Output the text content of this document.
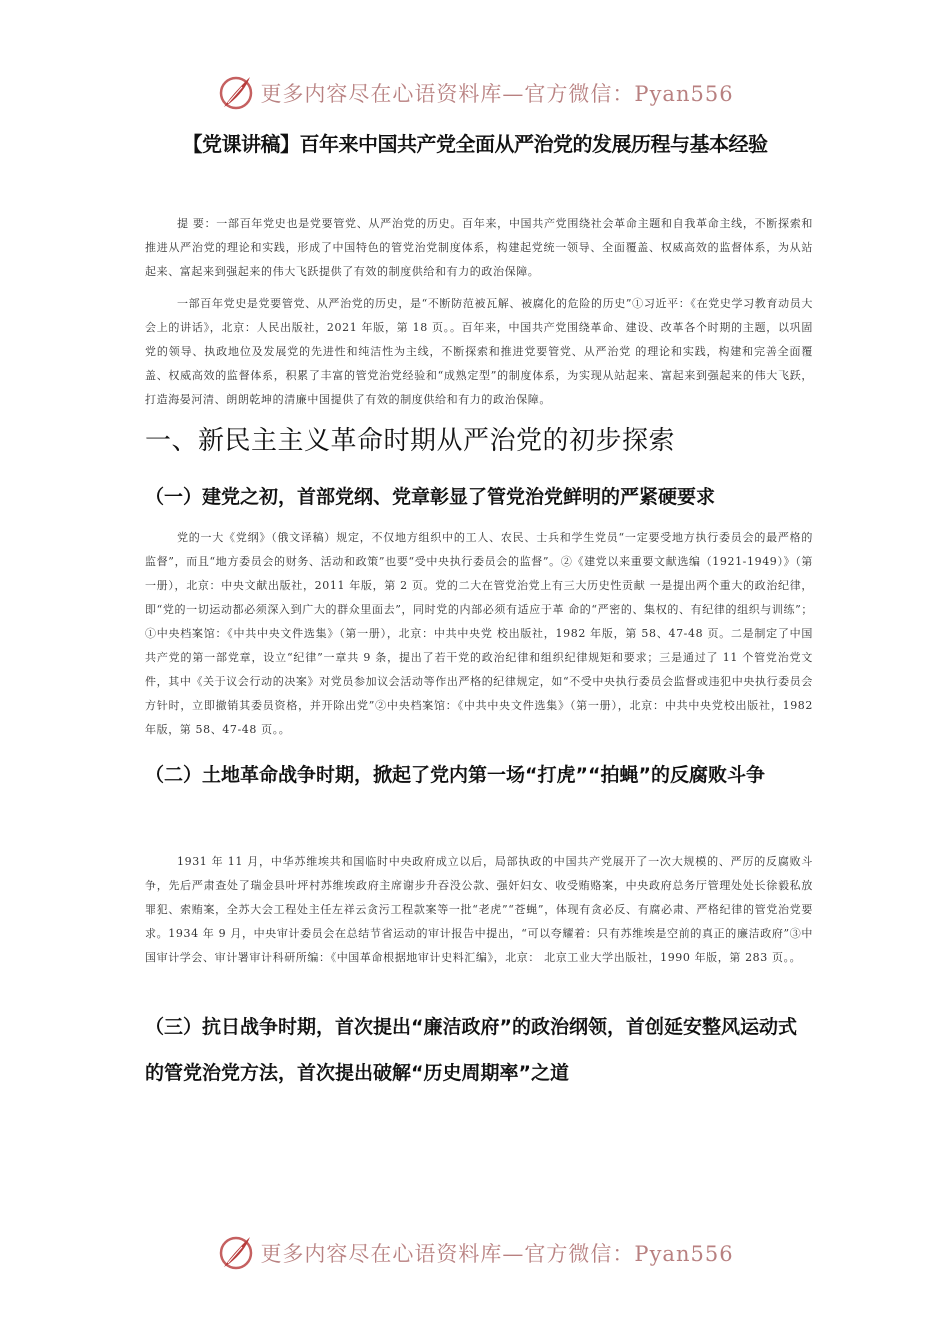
更多内容尽在心语资料库—官方微信：Pyan556
【党课讲稿】百年来中国共产党全面从严治党的发展历程与基本经验

提 要：一部百年党史也是党要管党、从严治党的历史。百年来，中国共产党围绕社会革命主题和自我革命主线，不断探索和推进从严治党的理论和实践，形成了中国特色的管党治党制度体系，构建起党统一领导、全面覆盖、权威高效的监督体系，为从站起来、富起来到强起来的伟大飞跃提供了有效的制度供给和有力的政治保障。

一部百年党史是党要管党、从严治党的历史，是“不断防范被瓦解、被腐化的危险的历史”①习近平：《在党史学习教育动员大会上的讲话》，北京：人民出版社，2021 年版，第 18 页。。百年来，中国共产党围绕革命、建设、改革各个时期的主题，以巩固党的领导、执政地位及发展党的先进性和纯洁性为主线，不断探索和推进党要管党、从严治党 的理论和实践，构建和完善全面覆盖、权威高效的监督体系，积累了丰富的管党治党经验和“成熟定型”的制度体系，为实现从站起来、富起来到强起来的伟大飞跃，打造海晏河清、朗朗乾坤的清廉中国提供了有效的制度供给和有力的政治保障。

一、新民主主义革命时期从严治党的初步探索
（一）建党之初，首部党纲、党章彰显了管党治党鲜明的严紧硬要求

党的一大《党纲》（俄文译稿）规定，不仅地方组织中的工人、农民、士兵和学生党员“一定要受地方执行委员会的最严格的监督”，而且“地方委员会的财务、活动和政策”也要“受中央执行委员会的监督”。②《建党以来重要文献选编（1921-1949）》（第一册），北京：中央文献出版社，2011 年版，第 2 页。党的二大在管党治党上有三大历史性贡献 一是提出两个重大的政治纪律，即“党的一切运动都必须深入到广大的群众里面去”，同时党的内部必须有适应于革 命的“严密的、集权的、有纪律的组织与训练”；①中央档案馆：《中共中央文件选集》（第一册），北京：中共中央党 校出版社，1982 年版，第 58、47-48 页。二是制定了中国共产党的第一部党章，设立“纪律”一章共 9 条，提出了若干党的政治纪律和组织纪律规矩和要求；三是通过了 11 个管党治党文件，其中《关于议会行动的决案》对党员参加议会活动等作出严格的纪律规定，如“不受中央执行委员会监督或违犯中央执行委员会方针时，立即撤销其委员资格，并开除出党”②中央档案馆：《中共中央文件选集》（第一册），北京：中共中央党校出版社，1982 年版，第 58、47-48 页。。

（二）土地革命战争时期，掀起了党内第一场“打虎”“拍蝇”的反腐败斗争

1931 年 11 月，中华苏维埃共和国临时中央政府成立以后，局部执政的中国共产党展开了一次大规模的、严厉的反腐败斗争，先后严肃查处了瑞金县叶坪村苏维埃政府主席谢步升吞没公款、强奸妇女、收受贿赂案，中央政府总务厅管理处处长徐毅私放罪犯、索贿案，全苏大会工程处主任左祥云贪污工程款案等一批“老虎”“苍蝇”，体现有贪必反、有腐必肃、严格纪律的管党治党要求。1934 年 9 月，中央审计委员会在总结节省运动的审计报告中提出，“可以夸耀着：只有苏维埃是空前的真正的廉洁政府”③中国审计学会、审计署审计科研所编：《中国革命根据地审计史料汇编》，北京： 北京工业大学出版社，1990 年版，第 283 页。。

（三）抗日战争时期，首次提出“廉洁政府”的政治纲领，首创延安整风运动式的管党治党方法，首次提出破解“历史周期率”之道
更多内容尽在心语资料库—官方微信：Pyan556
